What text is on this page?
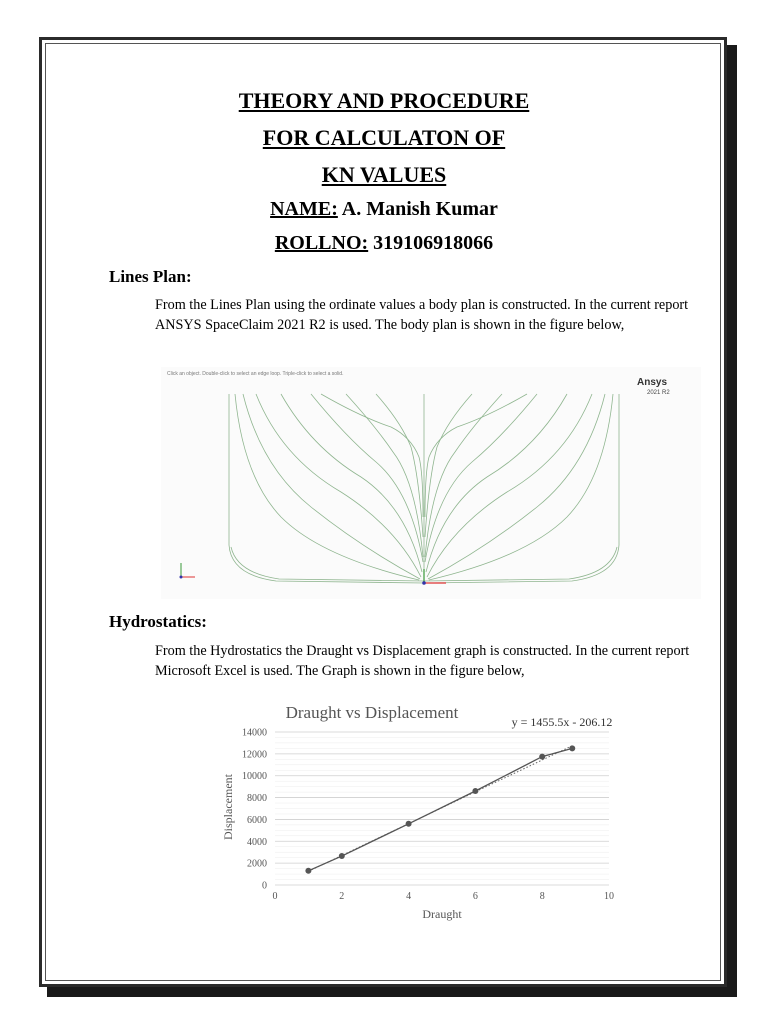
THEORY AND PROCEDURE
FOR CALCULATON OF
KN VALUES
NAME: A. Manish Kumar
ROLLNO: 319106918066
Lines Plan:
From the Lines Plan using the ordinate values a body plan is constructed. In the current report ANSYS SpaceClaim 2021 R2 is used. The body plan is shown in the figure below,
Click an object. Double-click to select an edge loop. Triple-click to select a solid.
Ansys
2021 R2
Hydrostatics:
From the Hydrostatics the Draught vs Displacement graph is constructed. In the current report Microsoft Excel is used. The Graph is shown in the figure below,
Draught vs Displacement	y = 1455.5x - 206.12
Draught
Displacement
0	2	4	6	8	10
0
2000
4000
6000
8000
10000
12000
14000
